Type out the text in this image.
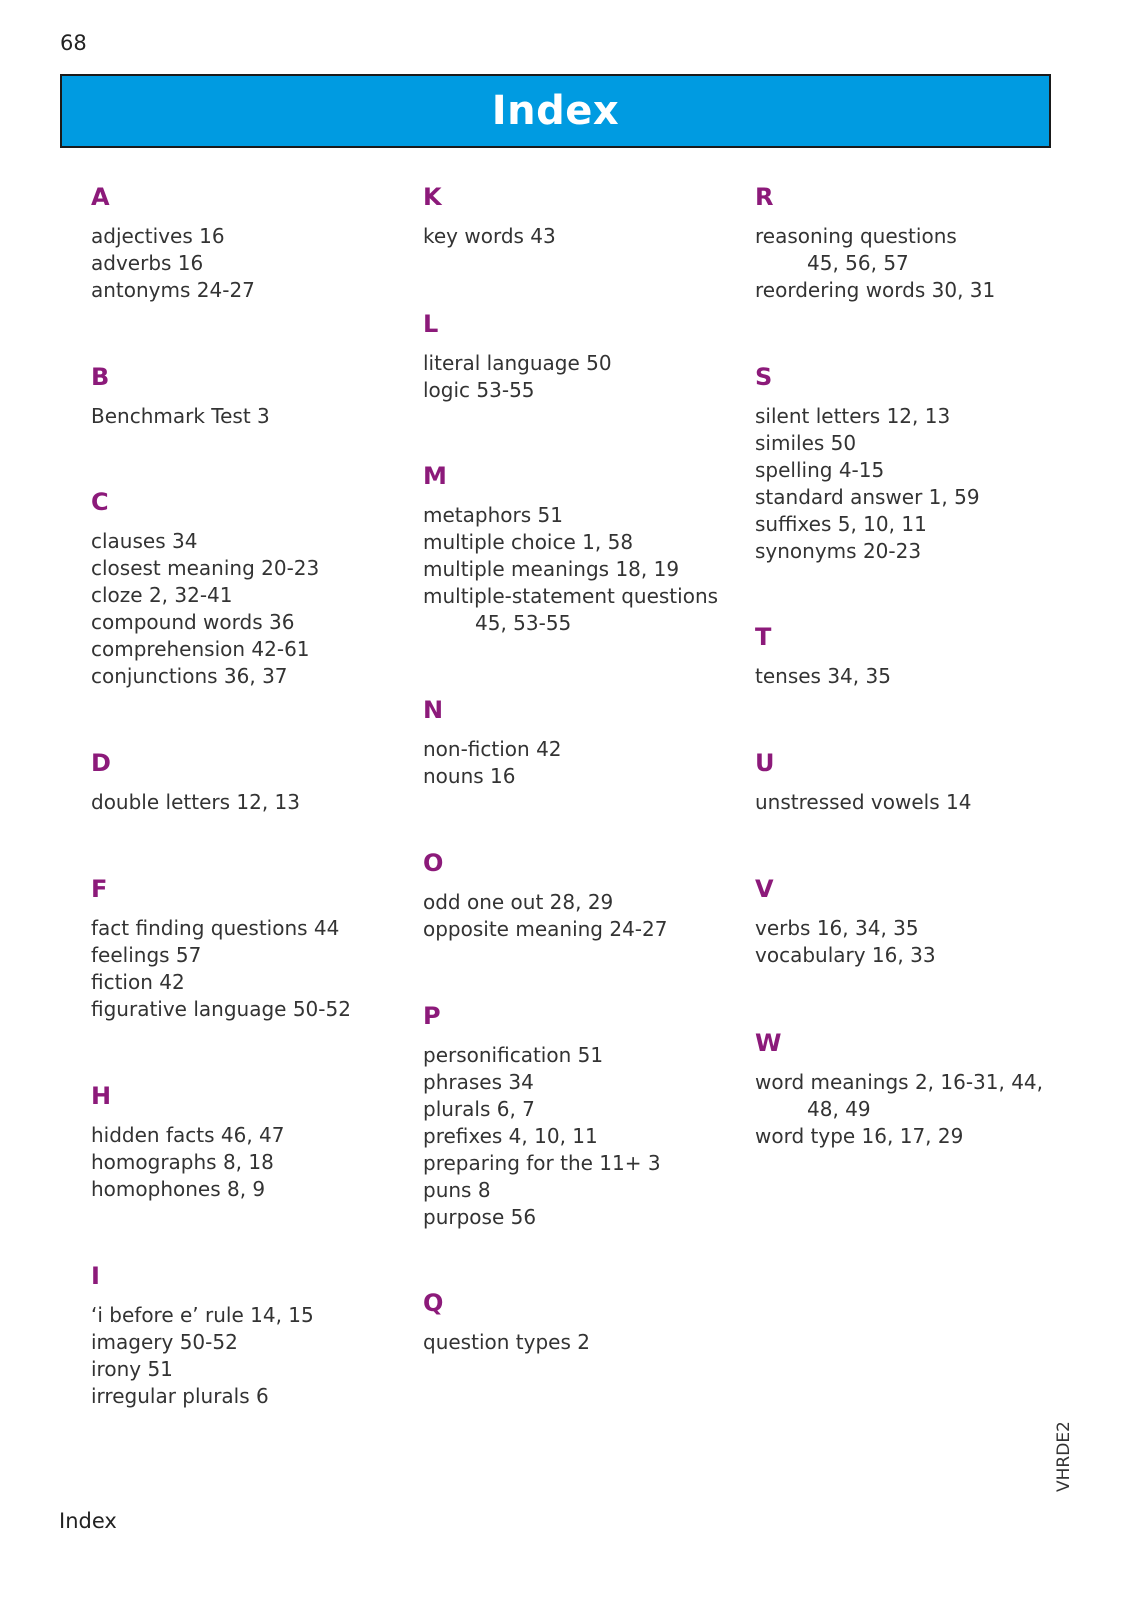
68
Index
A
adjectives 16
adverbs 16
antonyms 24-27
B
Benchmark Test 3
C
clauses 34
closest meaning 20-23
cloze 2, 32-41
compound words 36
comprehension 42-61
conjunctions 36, 37
D
double letters 12, 13
F
fact finding questions 44
feelings 57
fiction 42
figurative language 50-52
H
hidden facts 46, 47
homographs 8, 18
homophones 8, 9
I
‘i before e’ rule 14, 15
imagery 50-52
irony 51
irregular plurals 6
K
key words 43
L
literal language 50
logic 53-55
M
metaphors 51
multiple choice 1, 58
multiple meanings 18, 19
multiple-statement questions
45, 53-55
N
non-fiction 42
nouns 16
O
odd one out 28, 29
opposite meaning 24-27
P
personification 51
phrases 34
plurals 6, 7
prefixes 4, 10, 11
preparing for the 11+ 3
puns 8
purpose 56
Q
question types 2
R
reasoning questions
45, 56, 57
reordering words 30, 31
S
silent letters 12, 13
similes 50
spelling 4-15
standard answer 1, 59
suffixes 5, 10, 11
synonyms 20-23
T
tenses 34, 35
U
unstressed vowels 14
V
verbs 16, 34, 35
vocabulary 16, 33
W
word meanings 2, 16-31, 44,
48, 49
word type 16, 17, 29
Index
VHRDE2
